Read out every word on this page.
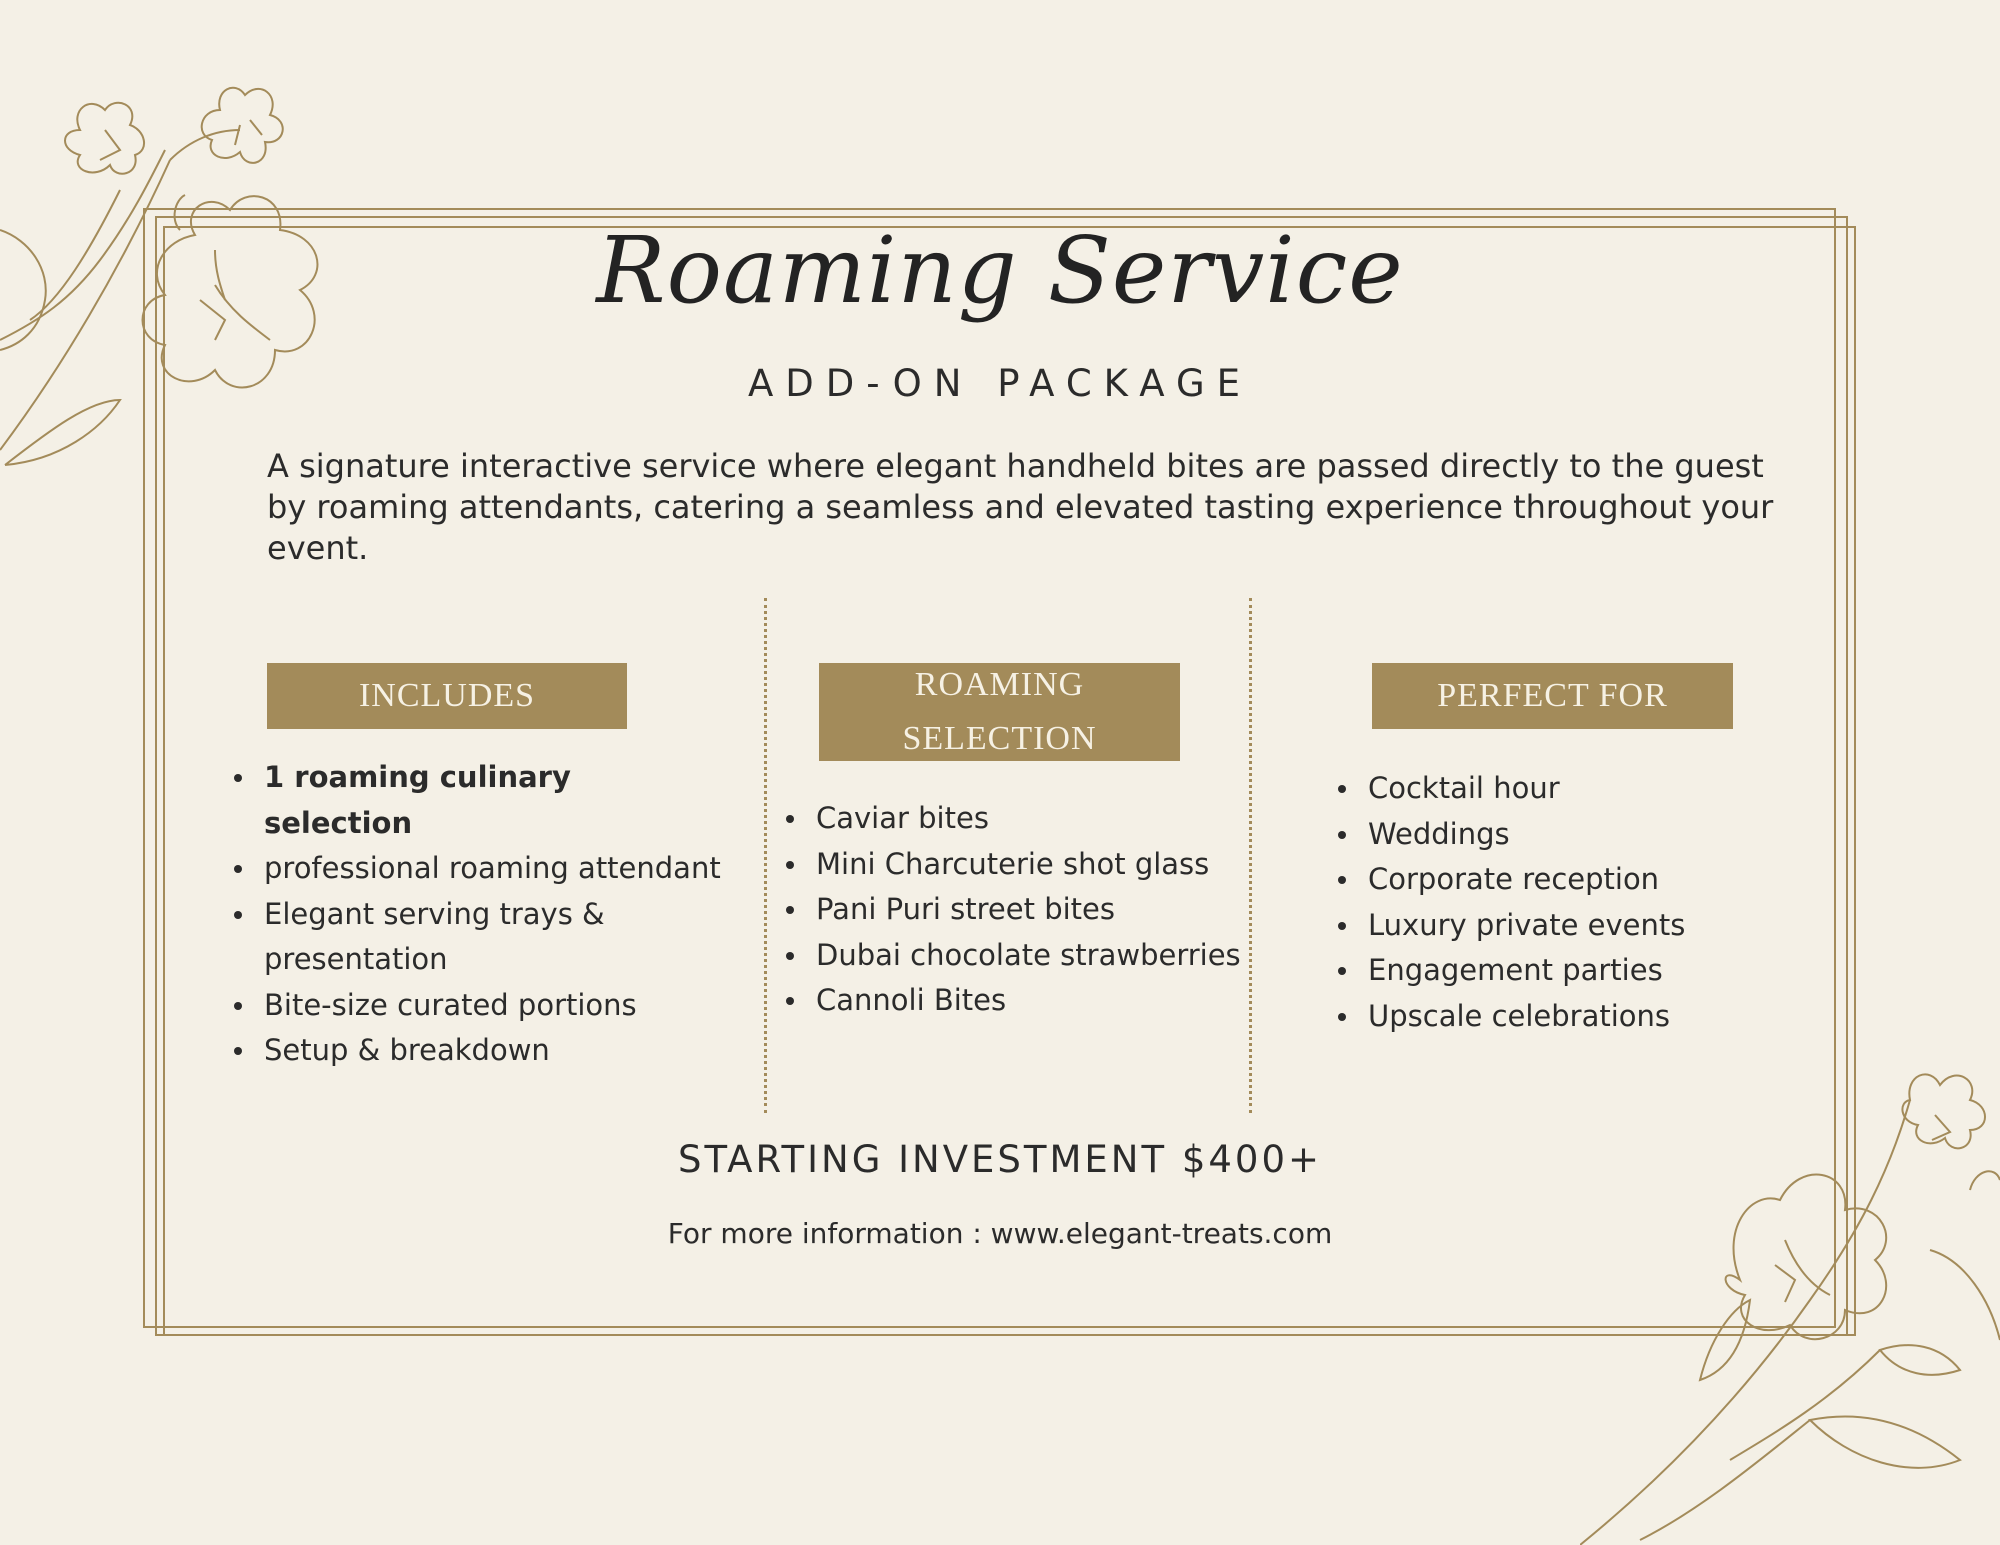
Roaming Service
ADD-ON PACKAGE

A signature interactive service where elegant handheld bites are passed directly to the guest by roaming attendants, catering a seamless and elevated tasting experience throughout your event.

INCLUDES
1 roaming culinary selection
professional roaming attendant
Elegant serving trays & presentation
Bite-size curated portions
Setup & breakdown
ROAMING SELECTION
Caviar bites
Mini Charcuterie shot glass
Pani Puri street bites
Dubai chocolate strawberries
Cannoli Bites
PERFECT FOR
Cocktail hour
Weddings
Corporate reception
Luxury private events
Engagement parties
Upscale celebrations
STARTING INVESTMENT $400+
For more information : www.elegant-treats.com
